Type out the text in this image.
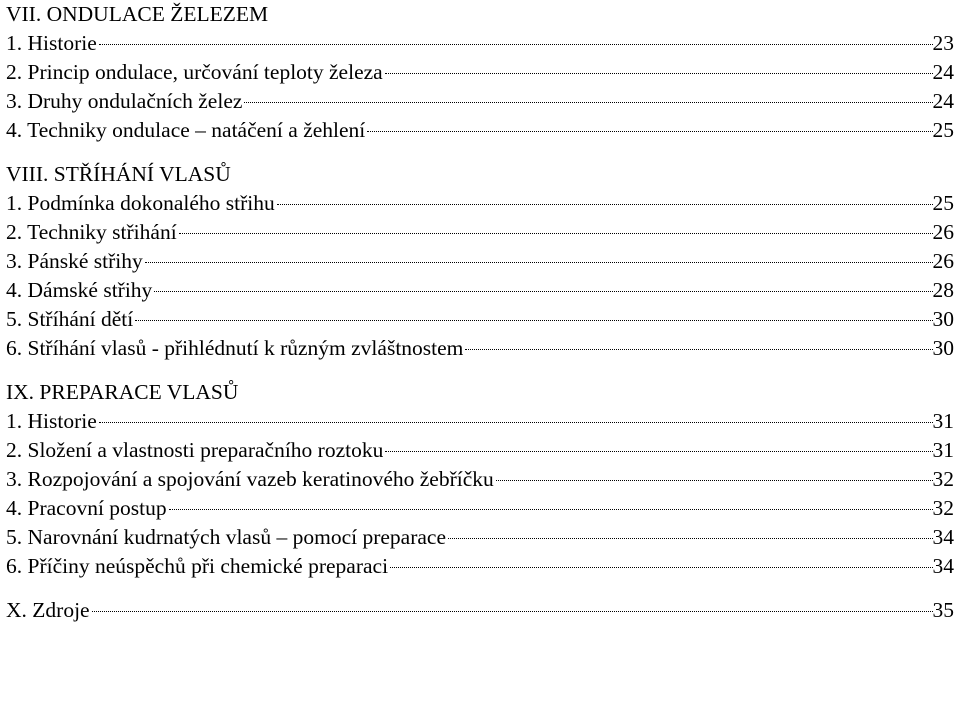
VII. ONDULACE ŽELEZEM
1. Historie	23
2. Princip ondulace, určování teploty železa	24
3. Druhy ondulačních želez	24
4. Techniky ondulace – natáčení a žehlení	25
VIII. STŘÍHÁNÍ VLASŮ
1. Podmínka dokonalého střihu	25
2. Techniky střihání	26
3. Pánské střihy	26
4. Dámské střihy	28
5. Stříhání dětí	30
6. Stříhání vlasů - přihlédnutí k různým zvláštnostem	30
IX. PREPARACE VLASŮ
1. Historie	31
2. Složení a vlastnosti preparačního roztoku	31
3. Rozpojování a spojování vazeb keratinového žebříčku	32
4. Pracovní postup	32
5. Narovnání kudrnatých vlasů – pomocí preparace	34
6. Příčiny neúspěchů při chemické preparaci	34
X. Zdroje	35
